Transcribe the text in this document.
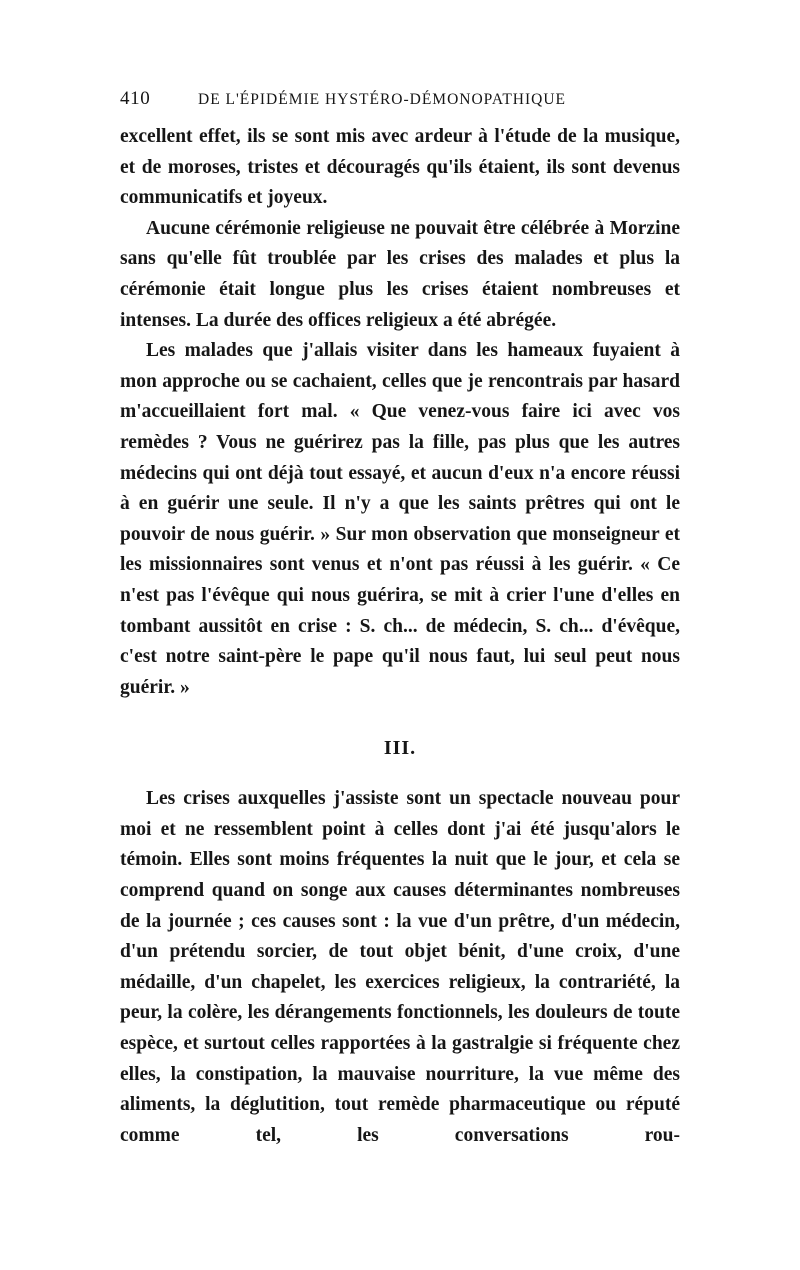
410	DE L'ÉPIDÉMIE HYSTÉRO-DÉMONOPATHIQUE

excellent effet, ils se sont mis avec ardeur à l'étude de la musique, et de moroses, tristes et découragés qu'ils étaient, ils sont devenus communicatifs et joyeux.

Aucune cérémonie religieuse ne pouvait être célébrée à Morzine sans qu'elle fût troublée par les crises des malades et plus la cérémonie était longue plus les crises étaient nombreuses et intenses. La durée des offices religieux a été abrégée.

Les malades que j'allais visiter dans les hameaux fuyaient à mon approche ou se cachaient, celles que je rencontrais par hasard m'accueillaient fort mal. « Que venez-vous faire ici avec vos remèdes ? Vous ne guérirez pas la fille, pas plus que les autres médecins qui ont déjà tout essayé, et aucun d'eux n'a encore réussi à en guérir une seule. Il n'y a que les saints prêtres qui ont le pouvoir de nous guérir. » Sur mon observation que monseigneur et les missionnaires sont venus et n'ont pas réussi à les guérir. « Ce n'est pas l'évêque qui nous guérira, se mit à crier l'une d'elles en tombant aussitôt en crise : S. ch... de médecin, S. ch... d'évêque, c'est notre saint-père le pape qu'il nous faut, lui seul peut nous guérir. »

III.

Les crises auxquelles j'assiste sont un spectacle nouveau pour moi et ne ressemblent point à celles dont j'ai été jusqu'alors le témoin. Elles sont moins fréquentes la nuit que le jour, et cela se comprend quand on songe aux causes déterminantes nombreuses de la journée ; ces causes sont : la vue d'un prêtre, d'un médecin, d'un prétendu sorcier, de tout objet bénit, d'une croix, d'une médaille, d'un chapelet, les exercices religieux, la contrariété, la peur, la colère, les dérangements fonctionnels, les douleurs de toute espèce, et surtout celles rapportées à la gastralgie si fréquente chez elles, la constipation, la mauvaise nourriture, la vue même des aliments, la déglutition, tout remède pharmaceutique ou réputé comme tel, les conversations rou-
